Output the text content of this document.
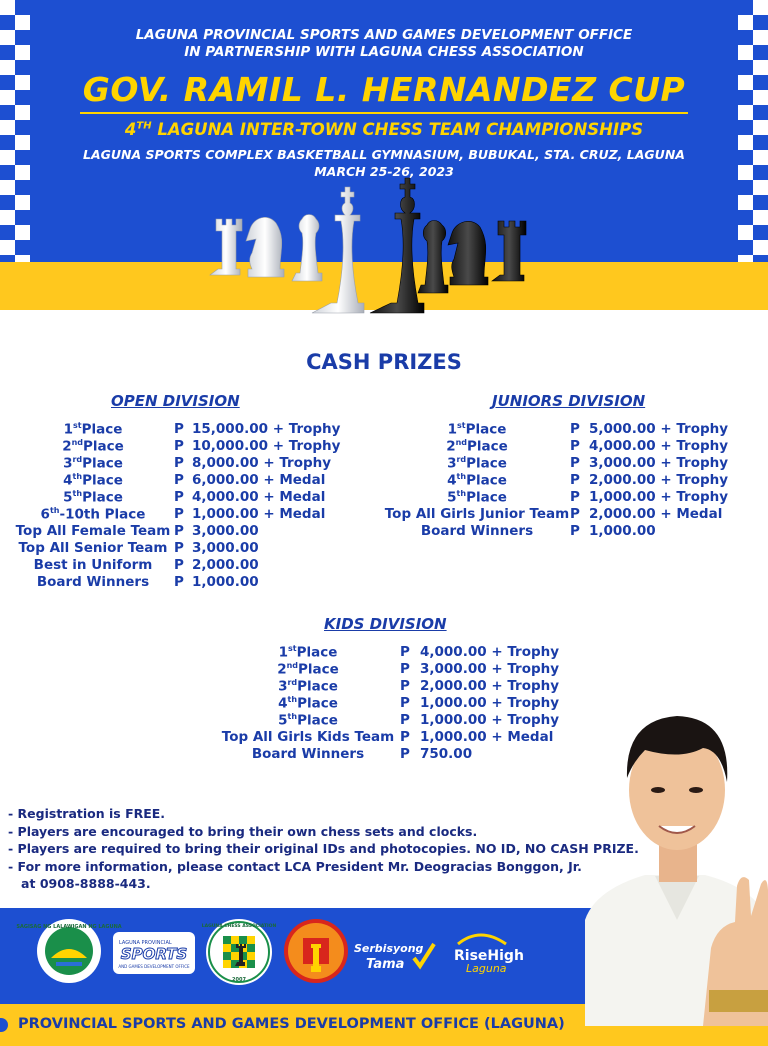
LAGUNA PROVINCIAL SPORTS AND GAMES DEVELOPMENT OFFICE
IN PARTNERSHIP WITH LAGUNA CHESS ASSOCIATION
GOV. RAMIL L. HERNANDEZ CUP
4TH LAGUNA INTER-TOWN CHESS TEAM CHAMPIONSHIPS
LAGUNA SPORTS COMPLEX BASKETBALL GYMNASIUM, BUBUKAL, STA. CRUZ, LAGUNA
MARCH 25-26, 2023
CASH PRIZES
OPEN DIVISION	JUNIORS DIVISION
KIDS DIVISION
1stPlace	P 15,000.00 + Trophy
2ndPlace	P 10,000.00 + Trophy
3rdPlace	P 8,000.00 + Trophy
4thPlace	P 6,000.00 + Medal
5thPlace	P 4,000.00 + Medal
6th-10th Place	P 1,000.00 + Medal
Top All Female Team P 3,000.00
Top All Senior Team P 3,000.00
Best in Uniform	P 2,000.00
Board Winners	P 1,000.00
1stPlace	P 5,000.00 + Trophy
2ndPlace	P 4,000.00 + Trophy
3rdPlace	P 3,000.00 + Trophy
4thPlace	P 2,000.00 + Trophy
5thPlace	P 1,000.00 + Trophy
Top All Girls Junior Team P 2,000.00 + Medal
Board Winners	P 1,000.00
1stPlace	P 4,000.00 + Trophy
2ndPlace	P 3,000.00 + Trophy
3rdPlace	P 2,000.00 + Trophy
4thPlace	P 1,000.00 + Trophy
5thPlace	P 1,000.00 + Trophy
Top All Girls Kids Team P 1,000.00 + Medal
Board Winners	P 750.00
- Registration is FREE.
- Players are encouraged to bring their own chess sets and clocks.
- Players are required to bring their original IDs and photocopies. NO ID, NO CASH PRIZE.
- For more information, please contact LCA President Mr. Deogracias Bonggon, Jr.
at 0908-8888-443.
SAGISAG NG LALAWIGAN NG LAGUNA
LAGUNA PROVINCIAL
SPORTS
AND GAMES DEVELOPMENT OFFICE
LAGUNA CHESS ASSOCIATION
2007
Serbisyong
Tama
RiseHigh
Laguna
PROVINCIAL SPORTS AND GAMES DEVELOPMENT OFFICE (LAGUNA)
